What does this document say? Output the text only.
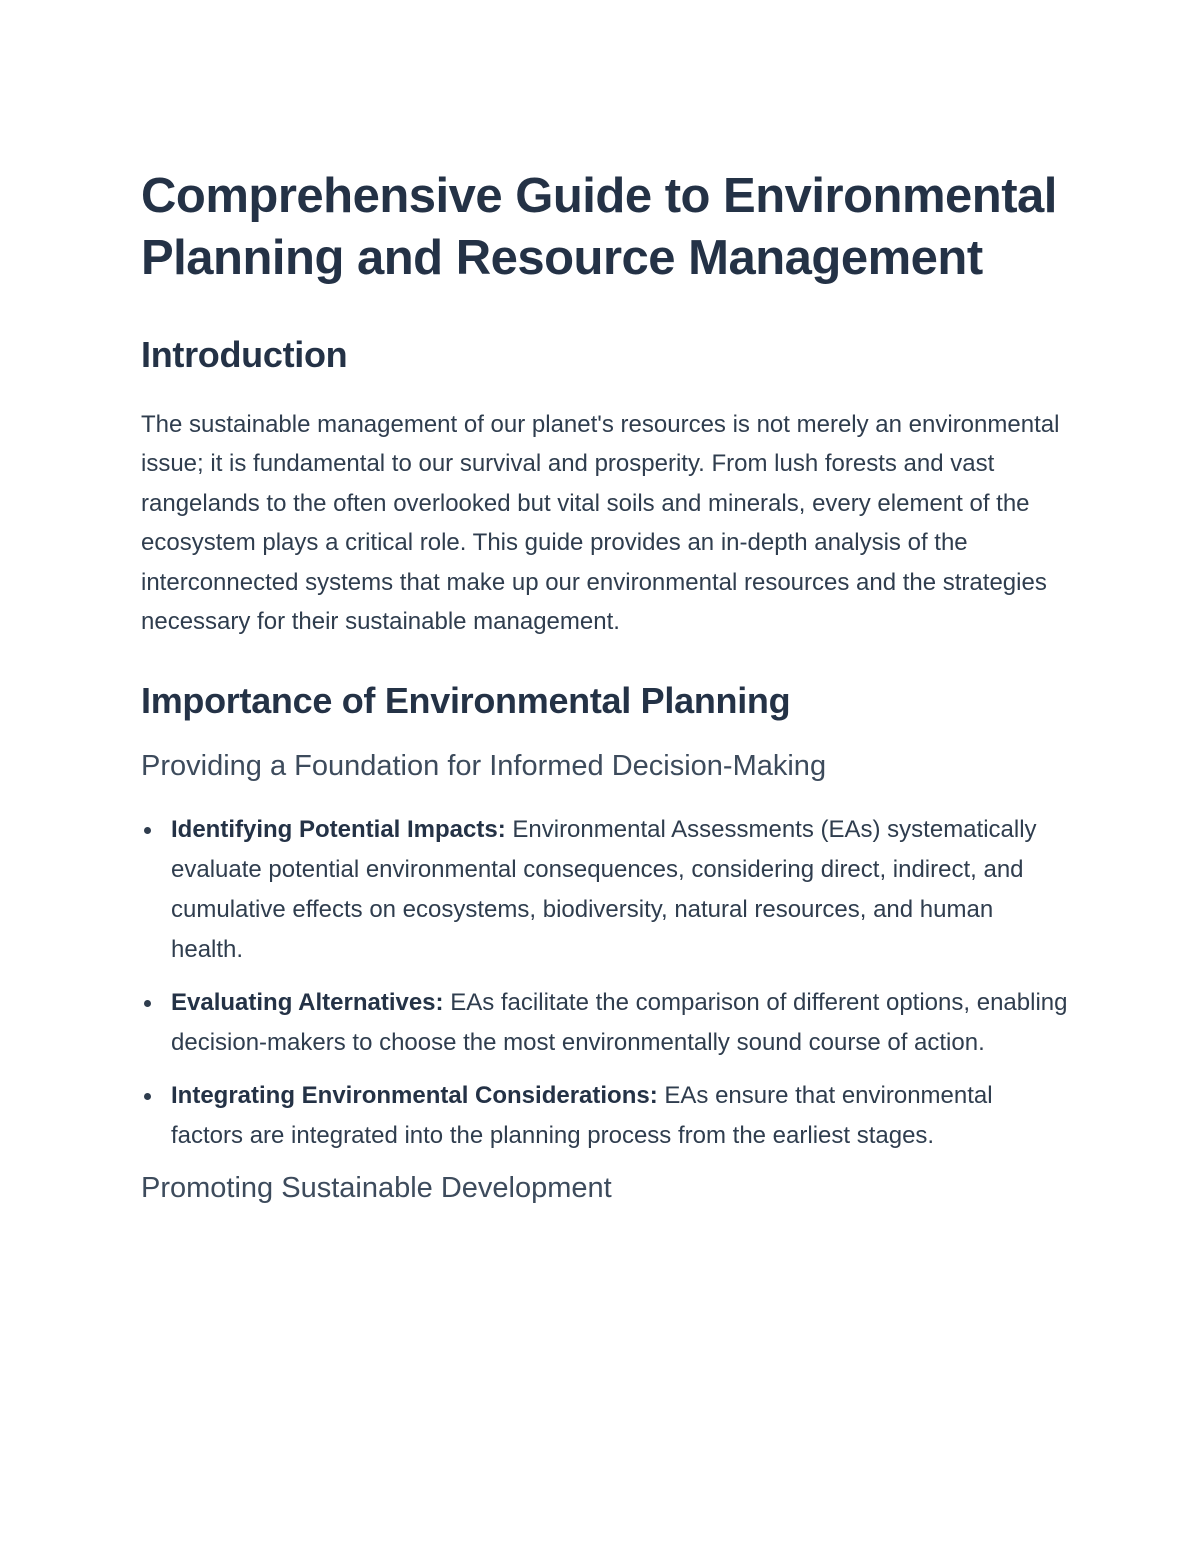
Comprehensive Guide to Environmental Planning and Resource Management
Introduction

The sustainable management of our planet's resources is not merely an environmental issue; it is fundamental to our survival and prosperity. From lush forests and vast rangelands to the often overlooked but vital soils and minerals, every element of the ecosystem plays a critical role. This guide provides an in-depth analysis of the interconnected systems that make up our environmental resources and the strategies necessary for their sustainable management.

Importance of Environmental Planning
Providing a Foundation for Informed Decision-Making
Identifying Potential Impacts: Environmental Assessments (EAs) systematically evaluate potential environmental consequences, considering direct, indirect, and cumulative effects on ecosystems, biodiversity, natural resources, and human health.
Evaluating Alternatives: EAs facilitate the comparison of different options, enabling decision-makers to choose the most environmentally sound course of action.
Integrating Environmental Considerations: EAs ensure that environmental factors are integrated into the planning process from the earliest stages.
Promoting Sustainable Development
